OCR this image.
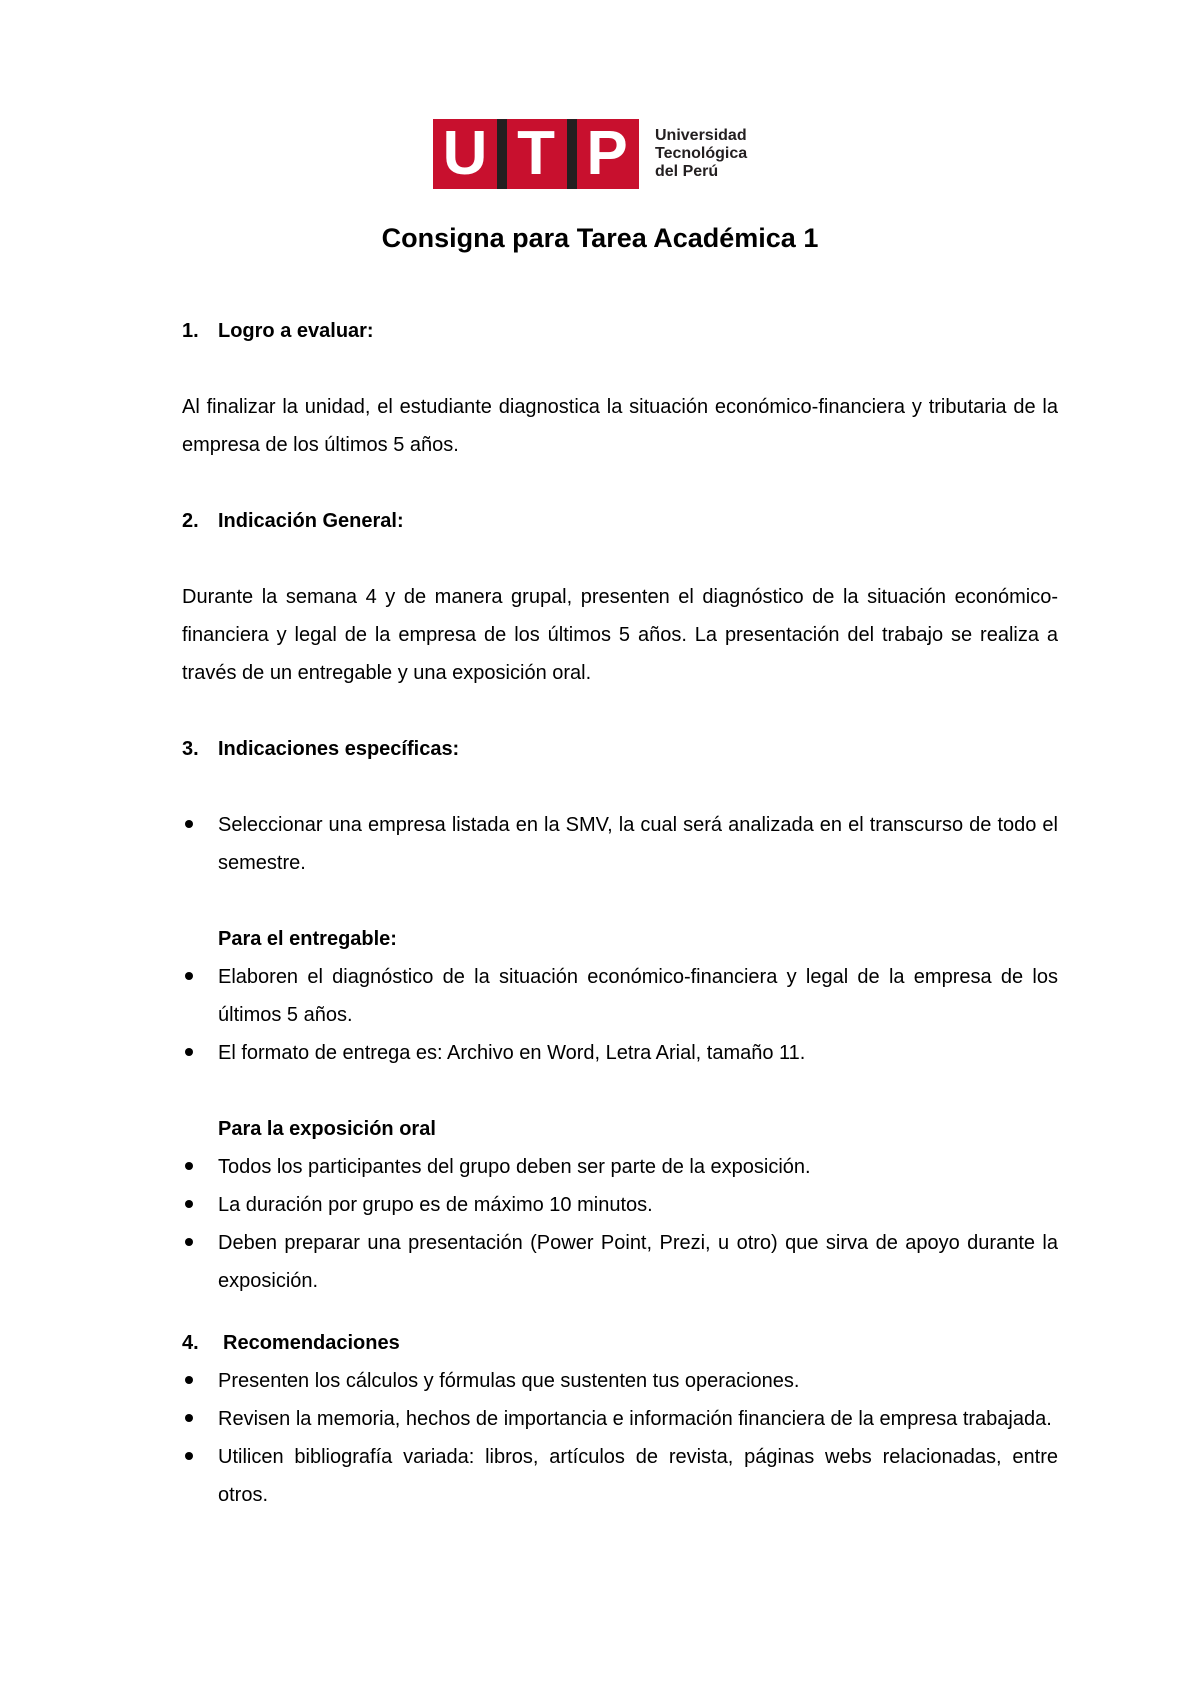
U T P	Universidad
Tecnológica
del Perú
Consigna para Tarea Académica 1
1. Logro a evaluar:

Al finalizar la unidad, el estudiante diagnostica la situación económico-financiera y tributaria de la empresa de los últimos 5 años.

2. Indicación General:

Durante la semana 4 y de manera grupal, presenten el diagnóstico de la situación económico-financiera y legal de la empresa de los últimos 5 años. La presentación del trabajo se realiza a través de un entregable y una exposición oral.

3. Indicaciones específicas:
Seleccionar una empresa listada en la SMV, la cual será analizada en el transcurso de todo el semestre.

Para el entregable:

Elaboren el diagnóstico de la situación económico-financiera y legal de la empresa de los últimos 5 años.
El formato de entrega es: Archivo en Word, Letra Arial, tamaño 11.

Para la exposición oral

Todos los participantes del grupo deben ser parte de la exposición.
La duración por grupo es de máximo 10 minutos.
Deben preparar una presentación (Power Point, Prezi, u otro) que sirva de apoyo durante la exposición.
4.	Recomendaciones
Presenten los cálculos y fórmulas que sustenten tus operaciones.
Revisen la memoria, hechos de importancia e información financiera de la empresa trabajada.
Utilicen bibliografía variada: libros, artículos de revista, páginas webs relacionadas, entre otros.
